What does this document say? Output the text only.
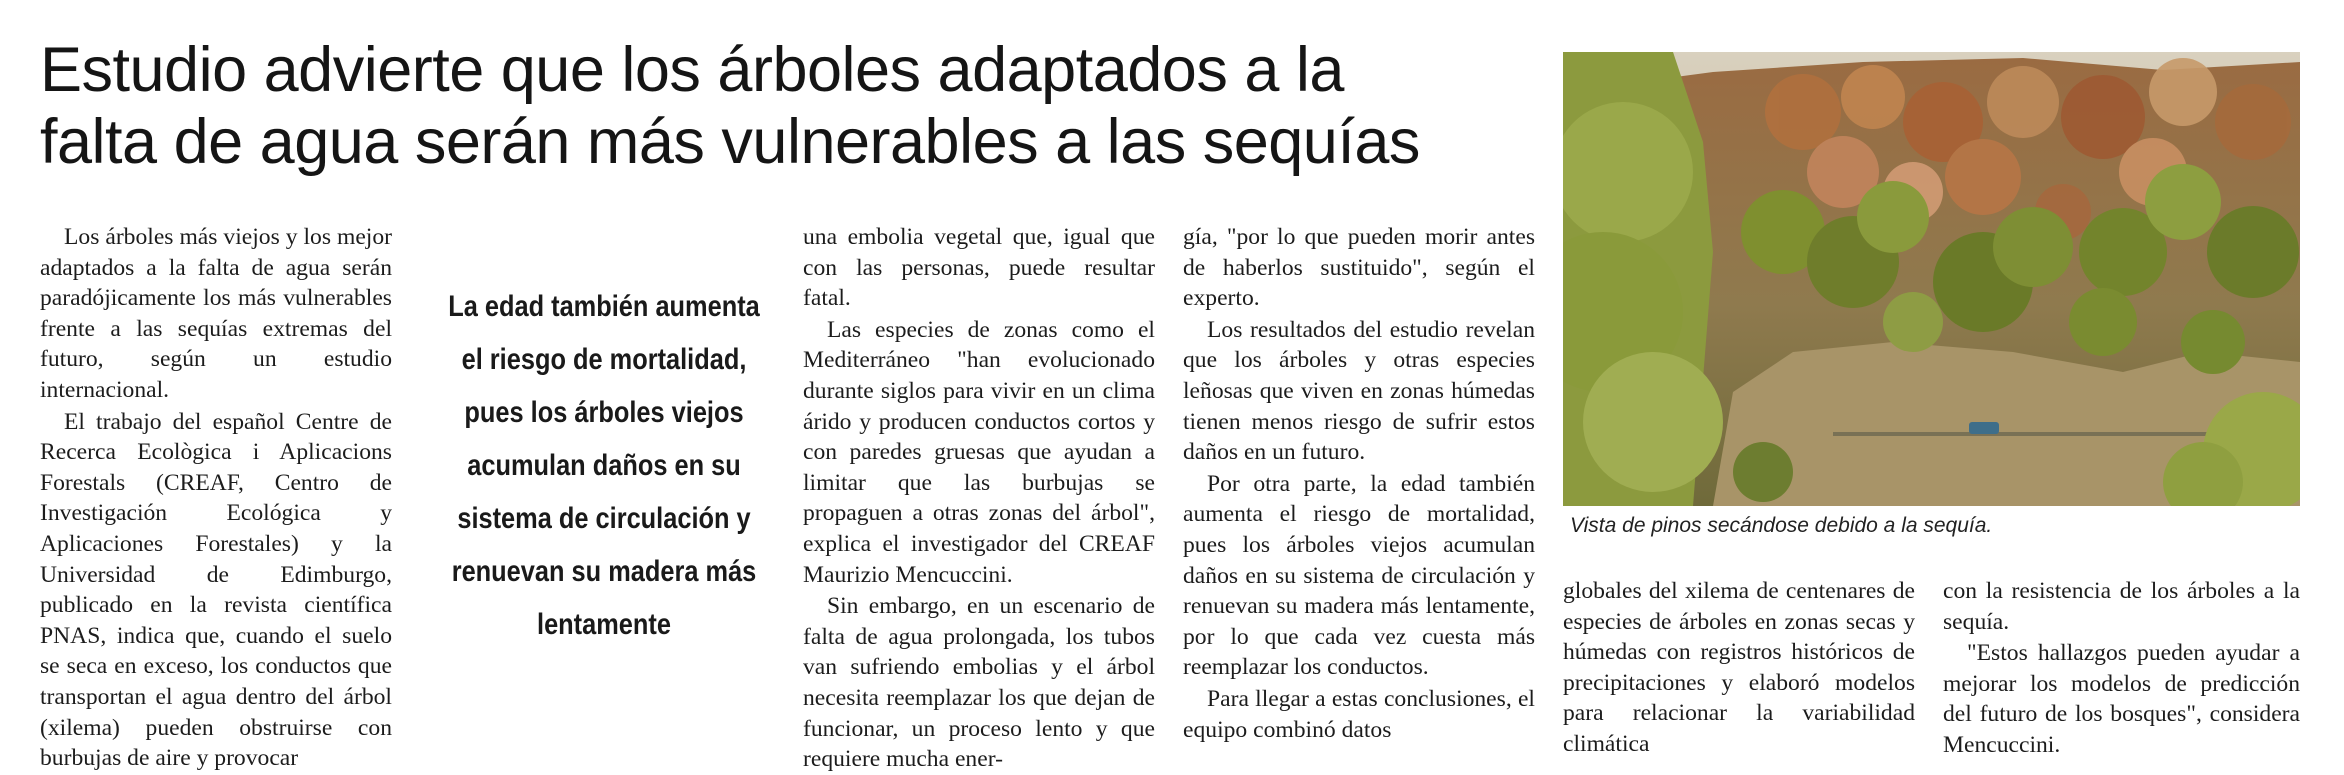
Estudio advierte que los árboles adaptados a la
falta de agua serán más vulnerables a las sequías

Los árboles más viejos y los mejor adaptados a la falta de agua serán paradójicamente los más vulnerables frente a las sequías extremas del futuro, según un estudio internacional.

El trabajo del español Centre de Recerca Ecològica i Aplicacions Forestals (CREAF, Centro de Investigación Ecológica y Aplicaciones Forestales) y la Universidad de Edimburgo, publicado en la revista científica PNAS, indica que, cuando el suelo se seca en exceso, los conductos que transportan el agua dentro del árbol (xilema) pueden obstruirse con burbujas de aire y provocar

La edad también aumenta el riesgo de mortalidad, pues los árboles viejos acumulan daños en su sistema de circulación y renuevan su madera más lentamente

una embolia vegetal que, igual que con las personas, puede resultar fatal.

Las especies de zonas como el Mediterráneo "han evolucionado durante siglos para vivir en un clima árido y producen conductos cortos y con paredes gruesas que ayudan a limitar que las burbujas se propaguen a otras zonas del árbol", explica el investigador del CREAF Maurizio Mencuccini.

Sin embargo, en un escenario de falta de agua prolongada, los tubos van sufriendo embolias y el árbol necesita reemplazar los que dejan de funcionar, un proceso lento y que requiere mucha ener-

gía, "por lo que pueden morir antes de haberlos sustituido", según el experto.

Los resultados del estudio revelan que los árboles y otras especies leñosas que viven en zonas húmedas tienen menos riesgo de sufrir estos daños en un futuro.

Por otra parte, la edad también aumenta el riesgo de mortalidad, pues los árboles viejos acumulan daños en su sistema de circulación y renuevan su madera más lentamente, por lo que cada vez cuesta más reemplazar los conductos.

Para llegar a estas conclusiones, el equipo combinó datos

Vista de pinos secándose debido a la sequía.

globales del xilema de centenares de especies de árboles en zonas secas y húmedas con registros históricos de precipitaciones y elaboró modelos para relacionar la variabilidad climática

con la resistencia de los árboles a la sequía.

"Estos hallazgos pueden ayudar a mejorar los modelos de predicción del futuro de los bosques", considera Mencuccini.
